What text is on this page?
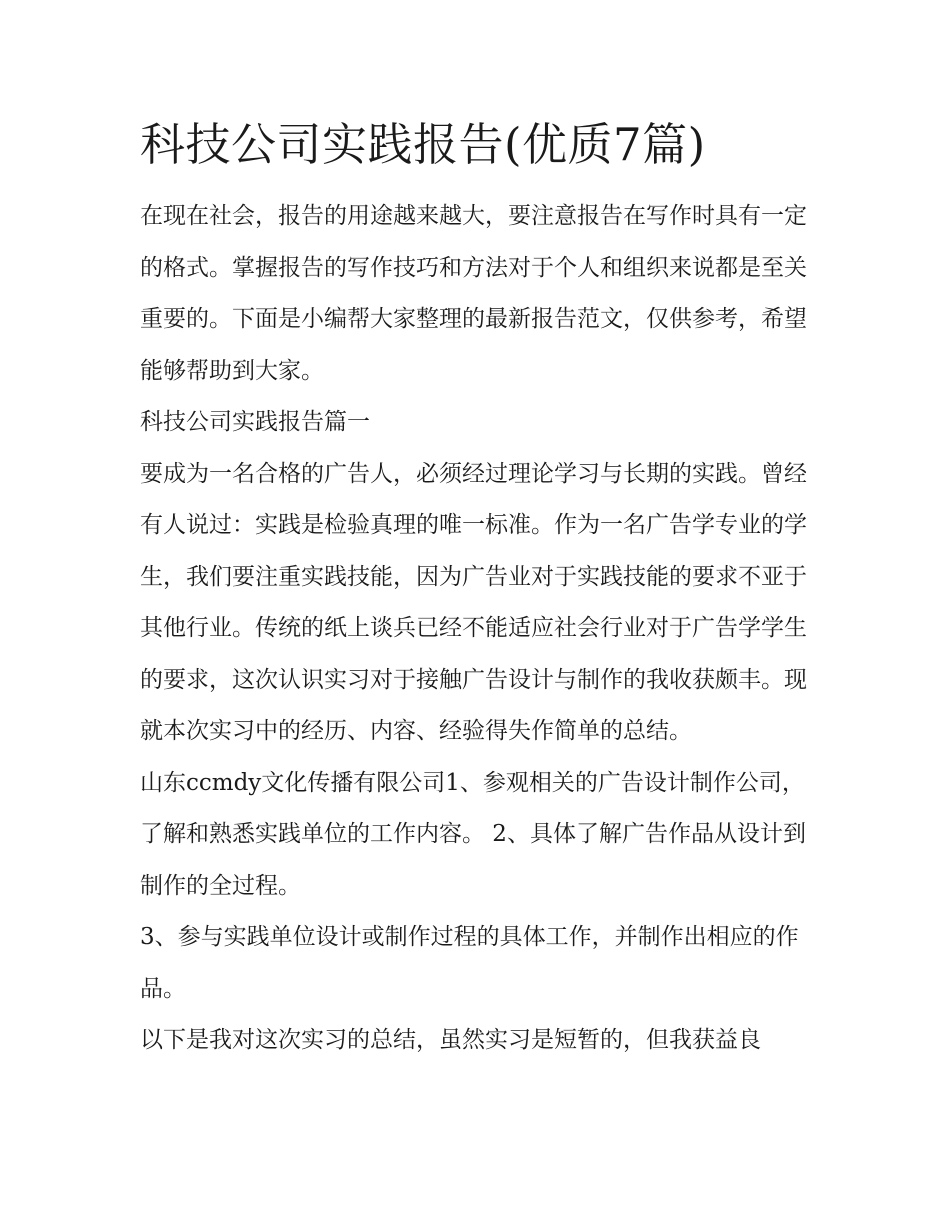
科技公司实践报告(优质7篇)

在现在社会，报告的用途越来越大，要注意报告在写作时具有一定的格式。掌握报告的写作技巧和方法对于个人和组织来说都是至关重要的。下面是小编帮大家整理的最新报告范文，仅供参考，希望能够帮助到大家。

科技公司实践报告篇一

要成为一名合格的广告人，必须经过理论学习与长期的实践。曾经有人说过：实践是检验真理的唯一标准。作为一名广告学专业的学生，我们要注重实践技能，因为广告业对于实践技能的要求不亚于其他行业。传统的纸上谈兵已经不能适应社会行业对于广告学学生的要求，这次认识实习对于接触广告设计与制作的我收获颇丰。现就本次实习中的经历、内容、经验得失作简单的总结。

山东ccmdy文化传播有限公司1、参观相关的广告设计制作公司，了解和熟悉实践单位的工作内容。 2、具体了解广告作品从设计到制作的全过程。

3、参与实践单位设计或制作过程的具体工作，并制作出相应的作品。

以下是我对这次实习的总结，虽然实习是短暂的，但我获益良
